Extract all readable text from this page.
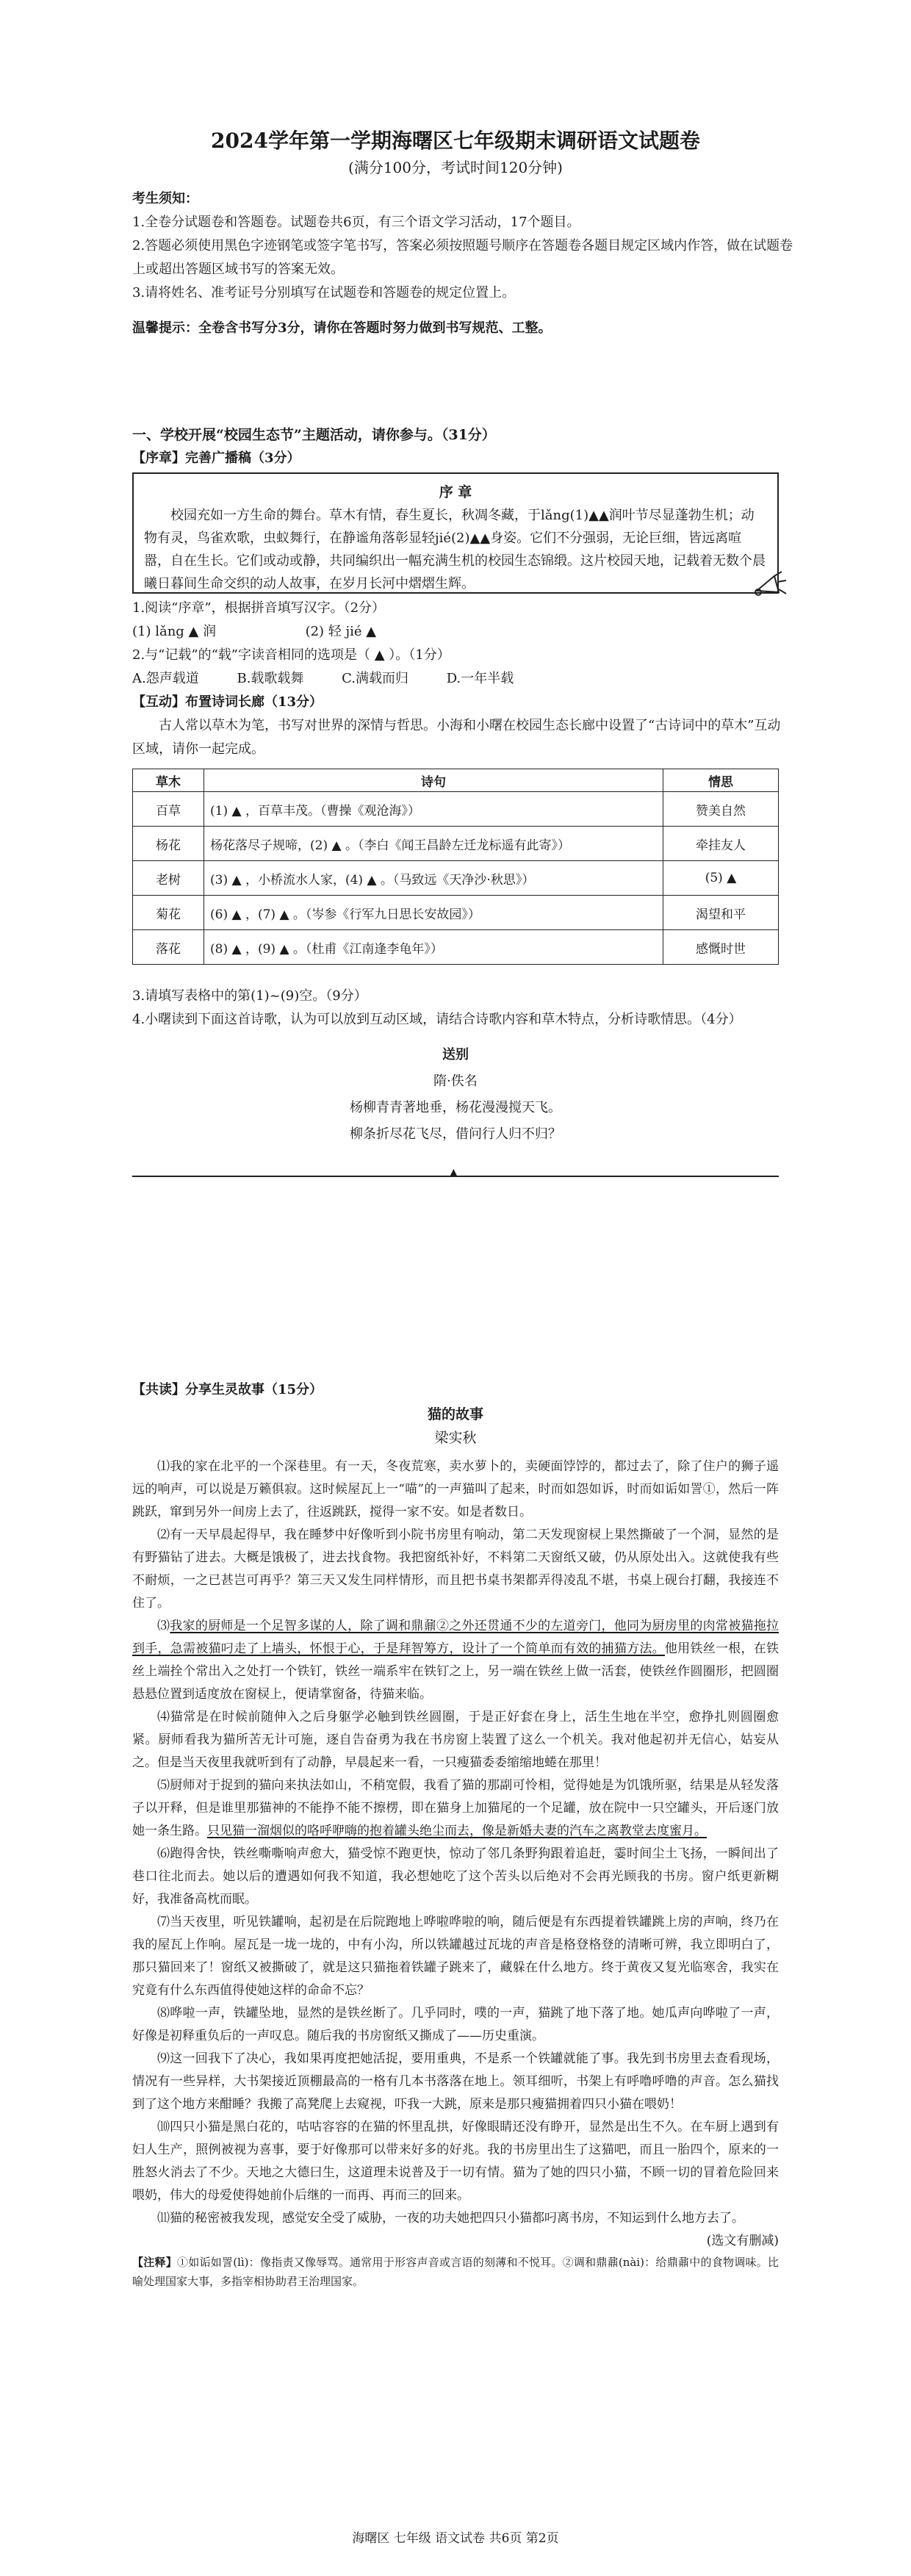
2024学年第一学期海曙区七年级期末调研语文试题卷
(满分100分，考试时间120分钟)

考生须知：

1.全卷分试题卷和答题卷。试题卷共6页，有三个语文学习活动，17个题目。

2.答题必须使用黑色字迹钢笔或签字笔书写，答案必须按照题号顺序在答题卷各题目规定区域内作答，做在试题卷上或超出答题区域书写的答案无效。

3.请将姓名、准考证号分别填写在试题卷和答题卷的规定位置上。

温馨提示：全卷含书写分3分，请你在答题时努力做到书写规范、工整。

一、学校开展“校园生态节”主题活动，请你参与。（31分）

【序章】完善广播稿（3分）

序 章
校园充如一方生命的舞台。草木有情，春生夏长，秋凋冬藏，于lǎng(1)▲▲润叶节尽显蓬勃生机；动物有灵，鸟雀欢歌，虫蚁舞行，在静谧角落彰显轻jié(2)▲▲身姿。它们不分强弱，无论巨细，皆远离喧嚣，自在生长。它们或动或静，共同编织出一幅充满生机的校园生态锦缎。这片校园天地，记载着无数个晨曦日暮间生命交织的动人故事，在岁月长河中熠熠生辉。

1.阅读“序章”，根据拼音填写汉字。（2分）

(1) lǎng ▲ 润	(2) 轻 jié ▲

2.与“记载”的“载”字读音相同的选项是（ ▲ ）。（1分）

A.怨声载道	B.载歌载舞	C.满载而归	D.一年半载

【互动】布置诗词长廊（13分）

古人常以草木为笔，书写对世界的深情与哲思。小海和小曙在校园生态长廊中设置了“古诗词中的草木”互动区域，请你一起完成。

草木	诗句	情思
百草	(1) ▲ ，百草丰茂。（曹操《观沧海》）	赞美自然
杨花	杨花落尽子规啼，(2) ▲ 。（李白《闻王昌龄左迁龙标遥有此寄》）	牵挂友人
老树	(3) ▲ ，小桥流水人家，(4) ▲ 。（马致远《天净沙·秋思》）	(5) ▲
菊花	(6) ▲ ，(7) ▲ 。（岑参《行军九日思长安故园》）	渴望和平
落花	(8) ▲ ，(9) ▲ 。（杜甫《江南逢李龟年》）	感慨时世

3.请填写表格中的第(1)~(9)空。（9分）

4.小曙读到下面这首诗歌，认为可以放到互动区域，请结合诗歌内容和草木特点，分析诗歌情思。（4分）

送别
隋·佚名
杨柳青青著地垂，杨花漫漫搅天飞。
柳条折尽花飞尽，借问行人归不归？
▲

【共读】分享生灵故事（15分）

猫的故事
梁实秋

⑴我的家在北平的一个深巷里。有一天，冬夜荒寒，卖水萝卜的，卖硬面饽饽的，都过去了，除了住户的狮子遥远的响声，可以说是万籁俱寂。这时候屋瓦上一“喵”的一声猫叫了起来，时而如怨如诉，时而如诟如詈①，然后一阵跳跃，窜到另外一间房上去了，往返跳跃，搅得一家不安。如是者数日。

⑵有一天早晨起得早，我在睡梦中好像听到小院书房里有响动，第二天发现窗棂上果然撕破了一个洞，显然的是有野猫钻了进去。大概是饿极了，进去找食物。我把窗纸补好，不料第二天窗纸又破，仍从原处出入。这就使我有些不耐烦，一之已甚岂可再乎？第三天又发生同样情形，而且把书桌书架都弄得凌乱不堪，书桌上砚台打翻，我接连不住了。

⑶我家的厨师是一个足智多谋的人，除了调和鼎鼐②之外还贯通不少的左道旁门，他同为厨房里的肉常被猫拖拉到手，急需被猫叼走了上墙头，怀恨于心，于是拜智筹方，设计了一个简单而有效的捕猫方法。他用铁丝一根，在铁丝上端拴个常出入之处打一个铁钉，铁丝一端系牢在铁钉之上，另一端在铁丝上做一活套，使铁丝作圆圈形，把圆圈悬悬位置到适度放在窗棂上，便请掌窗备，待猫来临。

⑷猫常是在时候前随伸入之后身躯学必触到铁丝圆圈，于是正好套在身上，活生生地在半空，愈挣扎则圆圈愈紧。厨师看我为猫所苦无计可施，逐自告奋勇为我在书房窗上装置了这么一个机关。我对他起初并无信心，姑妄从之。但是当天夜里我就听到有了动静，早晨起来一看，一只瘦猫委委缩缩地蜷在那里！

⑸厨师对于捉到的猫向来执法如山，不稍宽假，我看了猫的那副可怜相，觉得她是为饥饿所驱，结果是从轻发落子以开释，但是谁里那猫神的不能挣不能不擦楞，即在猫身上加猫尾的一个足罐，放在院中一只空罐头，开后逐门放她一条生路。只见猫一溜烟似的咯呼咿嗨的抱着罐头绝尘而去，像是新婚夫妻的汽车之离教堂去度蜜月。

⑹跑得舍快，铁丝嘶嘶响声愈大，猫受惊不跑更快，惊动了邻几条野狗跟着追赶，霎时间尘土飞扬，一瞬间出了巷口往北而去。她以后的遭遇如何我不知道，我必想她吃了这个苦头以后绝对不会再光顾我的书房。窗户纸更新糊好，我准备高枕而眠。

⑺当天夜里，听见铁罐响，起初是在后院跑地上哗啦哗啦的响，随后便是有东西提着铁罐跳上房的声响，终乃在我的屋瓦上作响。屋瓦是一垅一垅的，中有小沟，所以铁罐越过瓦垅的声音是格登格登的清晰可辨，我立即明白了，那只猫回来了！窗纸又被撕破了，就是这只猫拖着铁罐子跳来了，藏躲在什么地方。终于黄夜又复光临寒舍，我实在究竟有什么东西值得使她这样的命命不忘？

⑻哗啦一声，铁罐坠地，显然的是铁丝断了。几乎同时，噗的一声，猫跳了地下落了地。她瓜声向哗啦了一声，好像是初释重负后的一声叹息。随后我的书房窗纸又撕成了——历史重演。

⑼这一回我下了决心，我如果再度把她活捉，要用重典，不是系一个铁罐就能了事。我先到书房里去查看现场，情况有一些异样，大书架接近顶棚最高的一格有几本书落落在地上。领耳细听，书架上有呼噜呼噜的声音。怎么猫找到了这个地方来酣睡？我搬了高凳爬上去窥视，吓我一大跳，原来是那只瘦猫拥着四只小猫在喂奶！

⑽四只小猫是黑白花的，咕咕容容的在猫的怀里乱拱，好像眼睛还没有睁开，显然是出生不久。在车厨上遇到有妇人生产，照例被视为喜事，要于好像那可以带来好多的好兆。我的书房里出生了这猫吧，而且一胎四个，原来的一胜怒火消去了不少。天地之大德曰生，这道理未说普及于一切有情。猫为了她的四只小猫，不顾一切的冒着危险回来喂奶，伟大的母爱使得她前仆后继的一而再、再而三的回来。

⑾猫的秘密被我发现，感觉安全受了威胁，一夜的功夫她把四只小猫都叼离书房，不知运到什么地方去了。

(选文有删减)

【注释】①如诟如詈(lì)：像指责又像辱骂。通常用于形容声音或言语的刻薄和不悦耳。②调和鼎鼐(nài)：给鼎鼐中的食物调味。比喻处理国家大事，多指宰相协助君王治理国家。

海曙区 七年级 语文试卷 共6页 第2页
